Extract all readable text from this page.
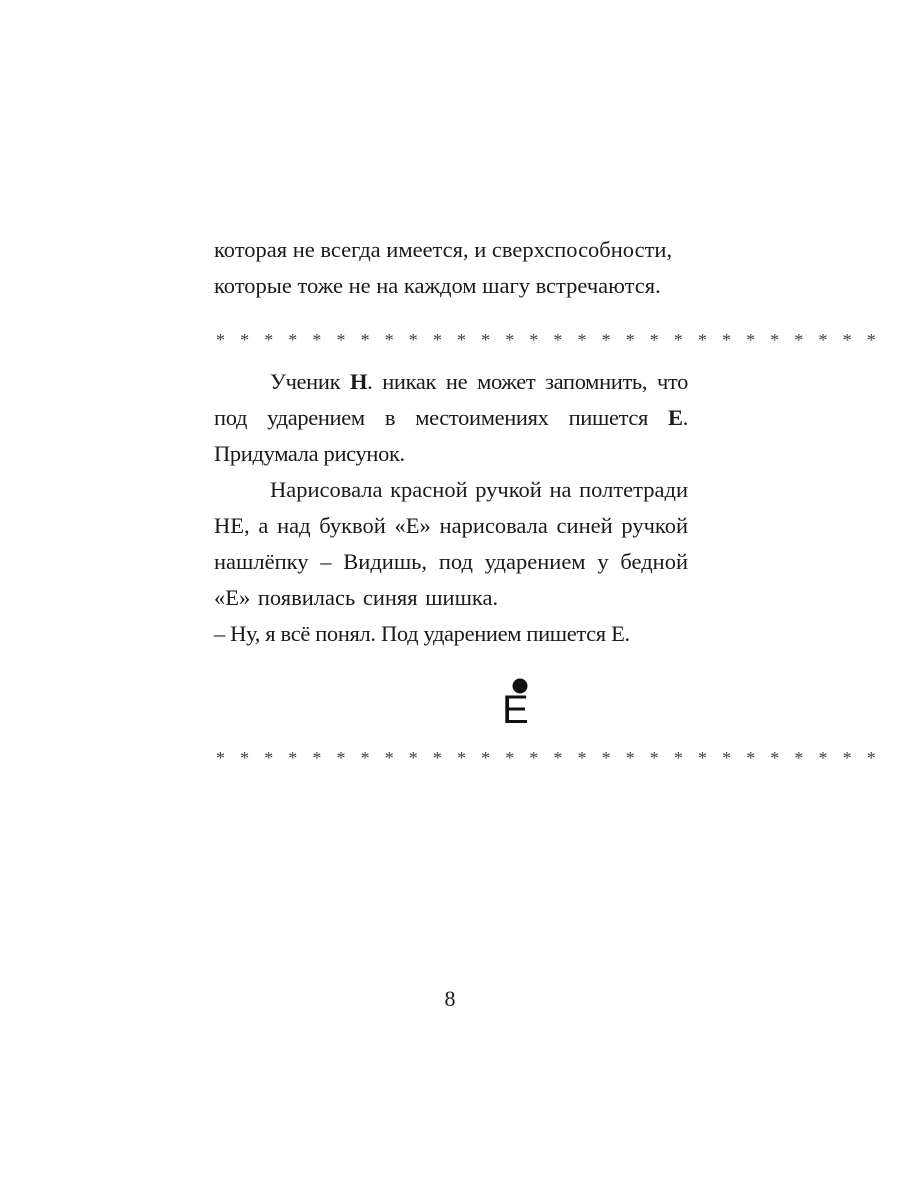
которая не всегда имеется, и сверхспособности,

которые тоже не на каждом шагу встречаются.

* * * * * * * * * * * * * * * * * * * * * * * * * * * *

Ученик Н. никак не может запомнить, что под ударением в местоимениях пишется Е. Придумала рисунок.

Нарисовала красной ручкой на полтетради НЕ, а над буквой «Е» нарисовала синей ручкой нашлёпку – Видишь, под ударением у бедной «Е» появилась синяя шишка.

– Ну, я всё понял. Под ударением пишется Е.

Е
* * * * * * * * * * * * * * * * * * * * * * * * * * * *
8
